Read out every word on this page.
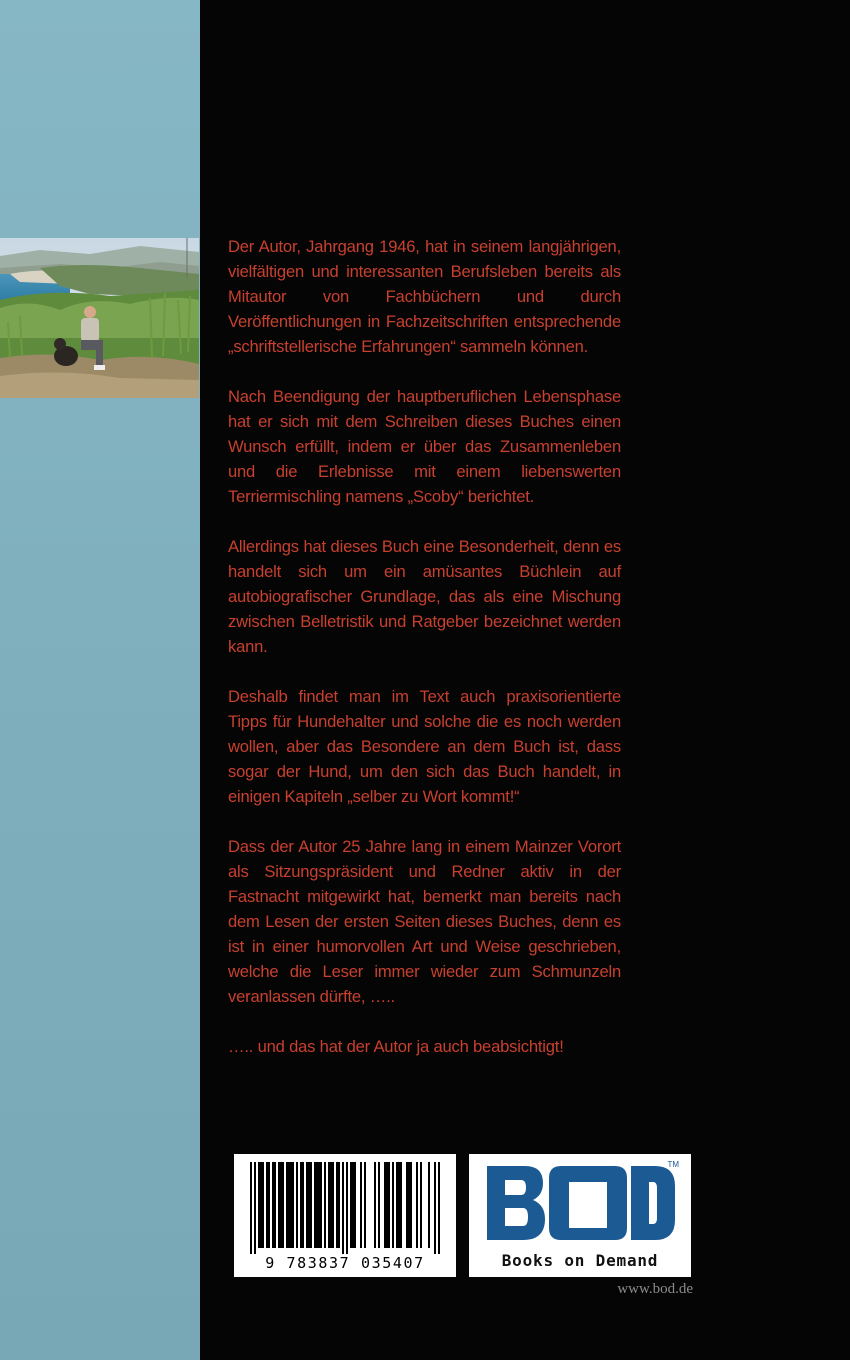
Der Autor, Jahrgang 1946, hat in seinem langjährigen, vielfältigen und interessanten Berufsleben bereits als Mitautor von Fachbüchern und durch Veröffentlichungen in Fachzeitschriften entsprechende „schriftstellerische Erfahrungen“ sammeln können.

Nach Beendigung der hauptberuflichen Lebensphase hat er sich mit dem Schreiben dieses Buches einen Wunsch erfüllt, indem er über das Zusammenleben und die Erlebnisse mit einem liebenswerten Terriermischling namens „Scoby“ berichtet.

Allerdings hat dieses Buch eine Besonderheit, denn es handelt sich um ein amüsantes Büchlein auf autobiografischer Grundlage, das als eine Mischung zwischen Belletristik und Ratgeber bezeichnet werden kann.

Deshalb findet man im Text auch praxisorientierte Tipps für Hundehalter und solche die es noch werden wollen, aber das Besondere an dem Buch ist, dass sogar der Hund, um den sich das Buch handelt, in einigen Kapiteln „selber zu Wort kommt!“

Dass der Autor 25 Jahre lang in einem Mainzer Vorort als Sitzungspräsident und Redner aktiv in der Fastnacht mitgewirkt hat, bemerkt man bereits nach dem Lesen der ersten Seiten dieses Buches, denn es ist in einer humorvollen Art und Weise geschrieben, welche die Leser immer wieder zum Schmunzeln veranlassen dürfte, …..

….. und das hat der Autor ja auch beabsichtigt!

9 783837 035407
TM
Books on Demand
www.bod.de
